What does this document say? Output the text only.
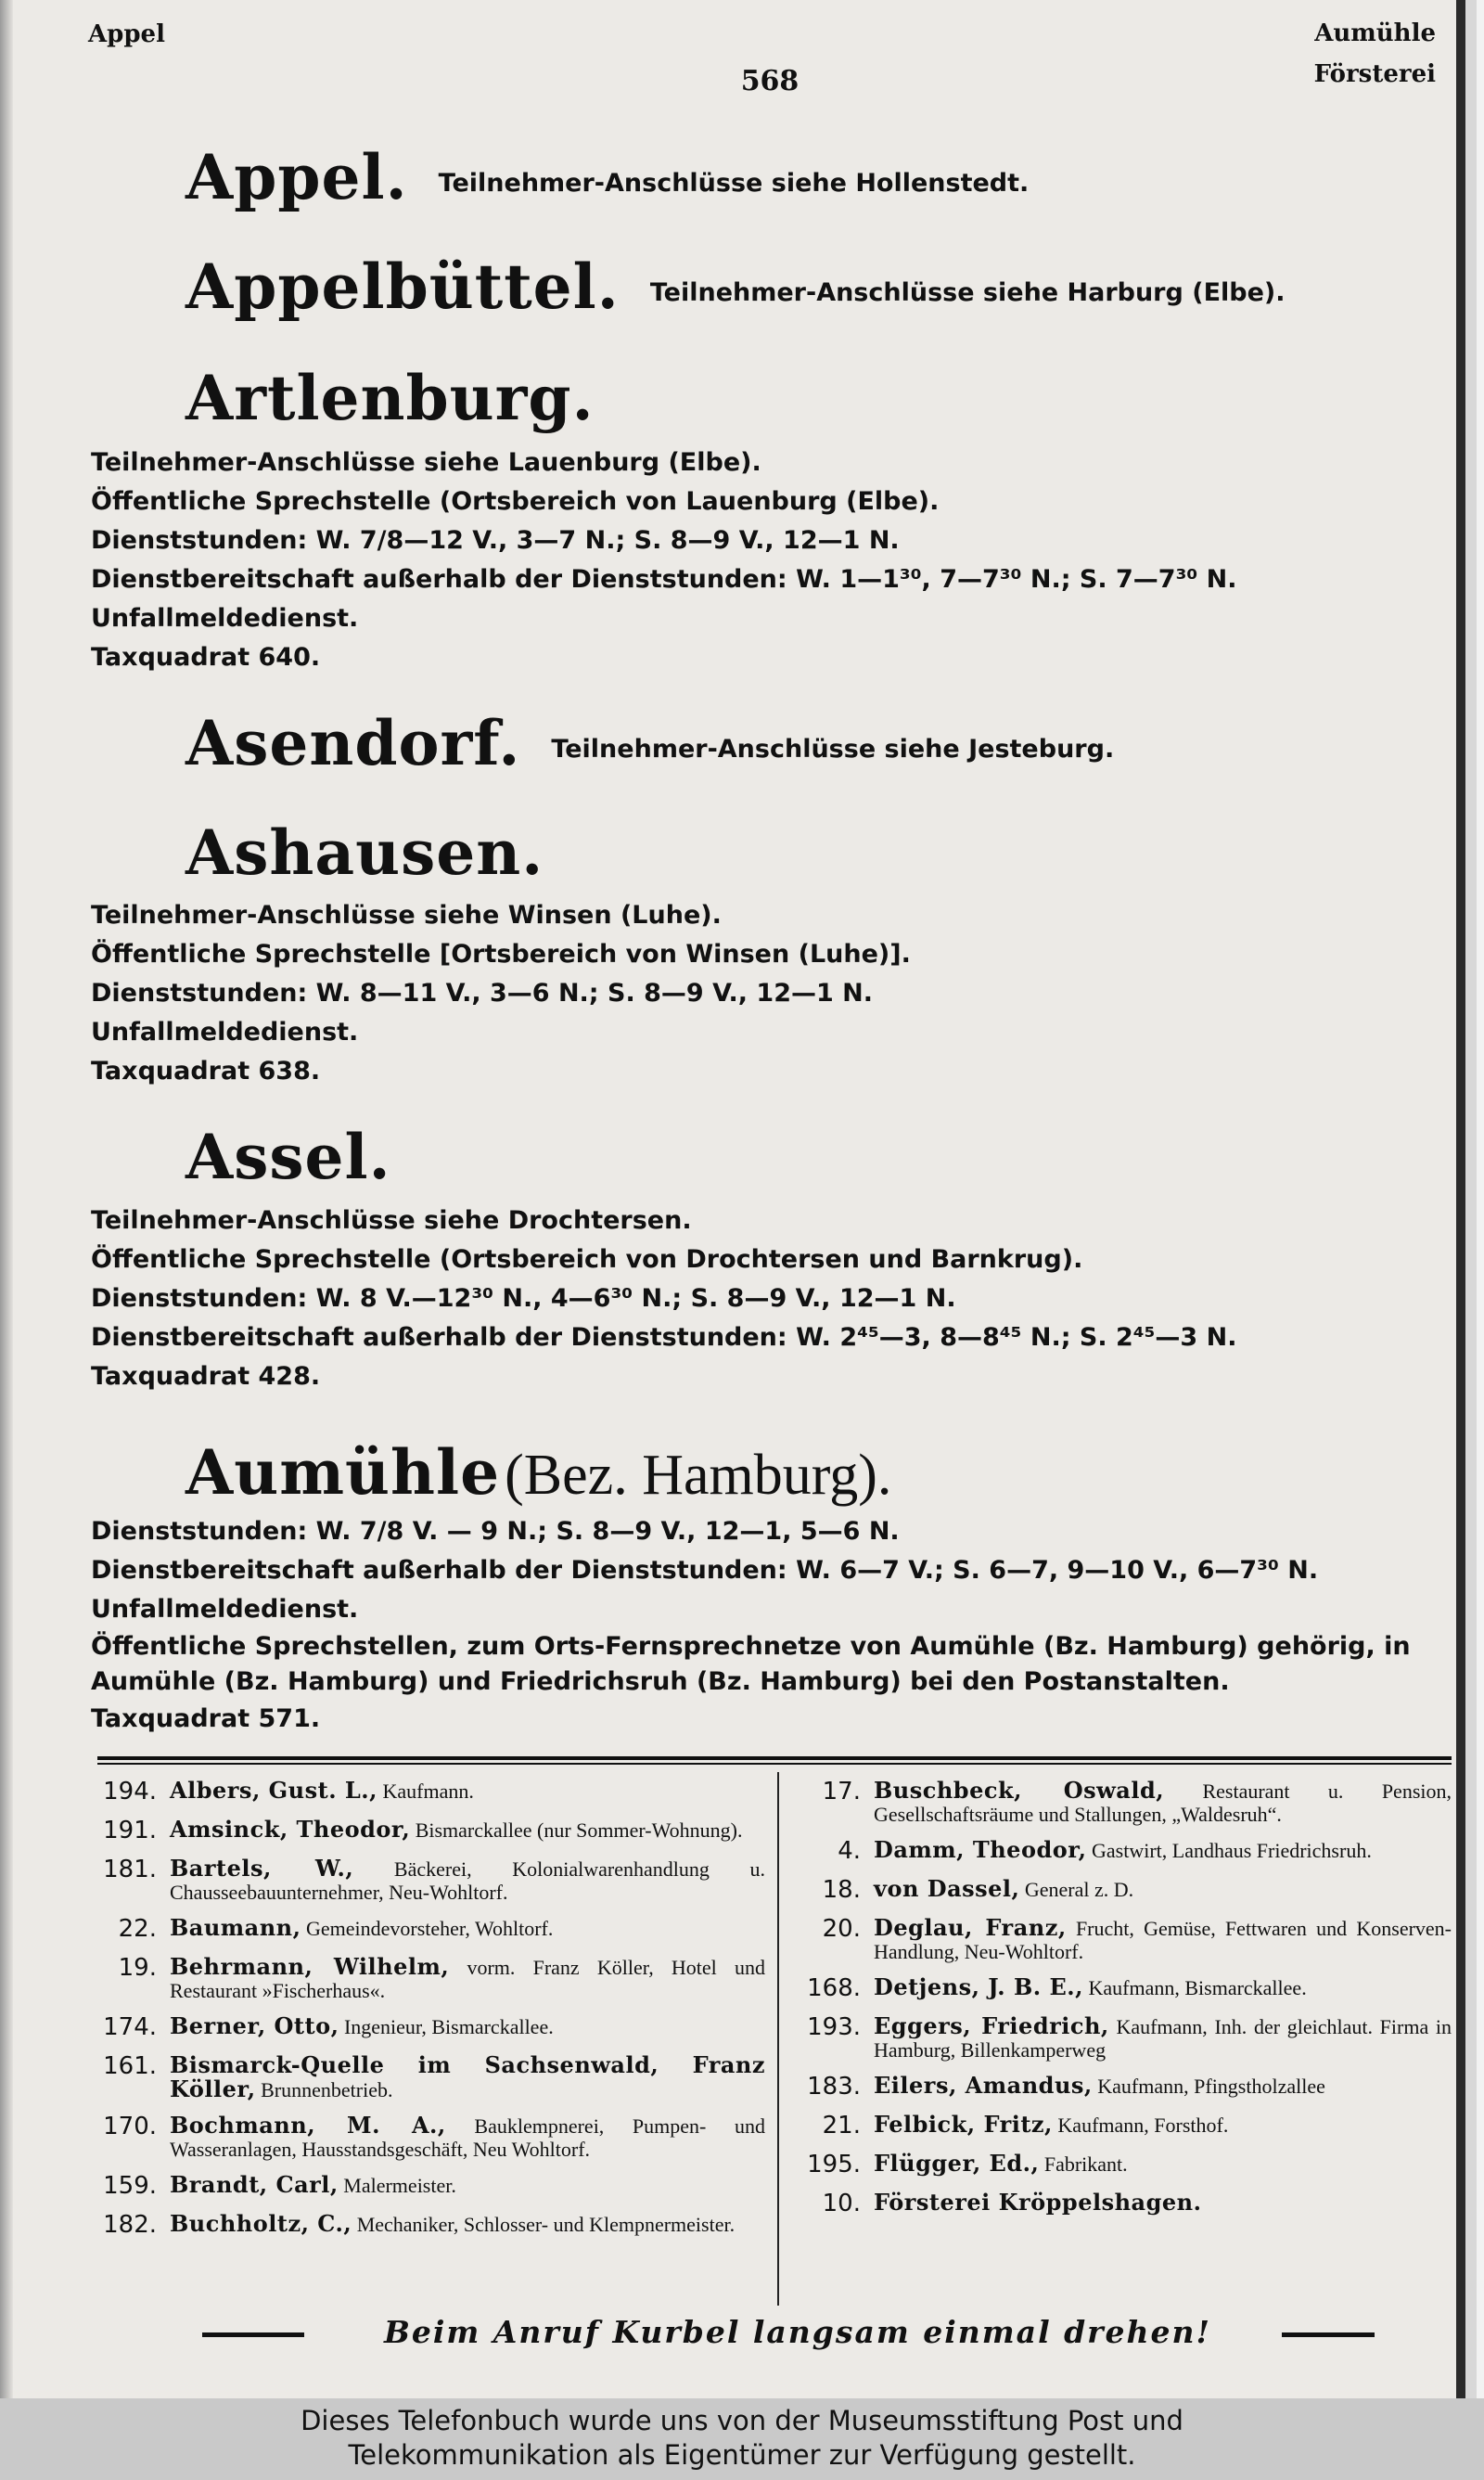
Appel
568
Aumühle
Försterei
Appel. Teilnehmer-Anschlüsse siehe Hollenstedt.
Appelbüttel. Teilnehmer-Anschlüsse siehe Harburg (Elbe).
Artlenburg.
Teilnehmer-Anschlüsse siehe Lauenburg (Elbe).
Öffentliche Sprechstelle (Ortsbereich von Lauenburg (Elbe).
Dienststunden: W. 7/8—12 V., 3—7 N.; S. 8—9 V., 12—1 N.
Dienstbereitschaft außerhalb der Dienststunden: W. 1—1³⁰, 7—7³⁰ N.; S. 7—7³⁰ N.
Unfallmeldedienst.
Taxquadrat 640.
Asendorf. Teilnehmer-Anschlüsse siehe Jesteburg.
Ashausen.
Teilnehmer-Anschlüsse siehe Winsen (Luhe).
Öffentliche Sprechstelle [Ortsbereich von Winsen (Luhe)].
Dienststunden: W. 8—11 V., 3—6 N.; S. 8—9 V., 12—1 N.
Unfallmeldedienst.
Taxquadrat 638.
Assel.
Teilnehmer-Anschlüsse siehe Drochtersen.
Öffentliche Sprechstelle (Ortsbereich von Drochtersen und Barnkrug).
Dienststunden: W. 8 V.—12³⁰ N., 4—6³⁰ N.; S. 8—9 V., 12—1 N.
Dienstbereitschaft außerhalb der Dienststunden: W. 2⁴⁵—3, 8—8⁴⁵ N.; S. 2⁴⁵—3 N.
Taxquadrat 428.
Aumühle (Bez. Hamburg).
Dienststunden: W. 7/8 V. — 9 N.; S. 8—9 V., 12—1, 5—6 N.
Dienstbereitschaft außerhalb der Dienststunden: W. 6—7 V.; S. 6—7, 9—10 V., 6—7³⁰ N.
Unfallmeldedienst.
Öffentliche Sprechstellen, zum Orts-Fernsprechnetze von Aumühle (Bz. Hamburg) gehörig, in Aumühle (Bz. Hamburg) und Friedrichsruh (Bz. Hamburg) bei den Postanstalten.
Taxquadrat 571.
194. Albers, Gust. L., Kaufmann.
191. Amsinck, Theodor, Bismarckallee (nur Sommer-Wohnung).
181. Bartels, W., Bäckerei, Kolonialwarenhandlung u. Chausseebauunternehmer, Neu-Wohltorf.
22. Baumann, Gemeindevorsteher, Wohltorf.
19. Behrmann, Wilhelm, vorm. Franz Köller, Hotel und Restaurant »Fischerhaus«.
174. Berner, Otto, Ingenieur, Bismarckallee.
161. Bismarck-Quelle im Sachsenwald, Franz Köller, Brunnenbetrieb.
170. Bochmann, M. A., Bauklempnerei, Pumpen- und Wasseranlagen, Hausstandsgeschäft, Neu Wohltorf.
159. Brandt, Carl, Malermeister.
182. Buchholtz, C., Mechaniker, Schlosser- und Klempnermeister.
17. Buschbeck, Oswald, Restaurant u. Pension, Gesellschaftsräume und Stallungen, „Waldesruh“.
4. Damm, Theodor, Gastwirt, Landhaus Friedrichsruh.
18. von Dassel, General z. D.
20. Deglau, Franz, Frucht, Gemüse, Fettwaren und Konserven-Handlung, Neu-Wohltorf.
168. Detjens, J. B. E., Kaufmann, Bismarckallee.
193. Eggers, Friedrich, Kaufmann, Inh. der gleichlaut. Firma in Hamburg, Billenkamperweg
183. Eilers, Amandus, Kaufmann, Pfingstholzallee
21. Felbick, Fritz, Kaufmann, Forsthof.
195. Flügger, Ed., Fabrikant.
10. Försterei Kröppelshagen.
Beim Anruf Kurbel langsam einmal drehen!
Dieses Telefonbuch wurde uns von der Museumsstiftung Post und
Telekommunikation als Eigentümer zur Verfügung gestellt.
